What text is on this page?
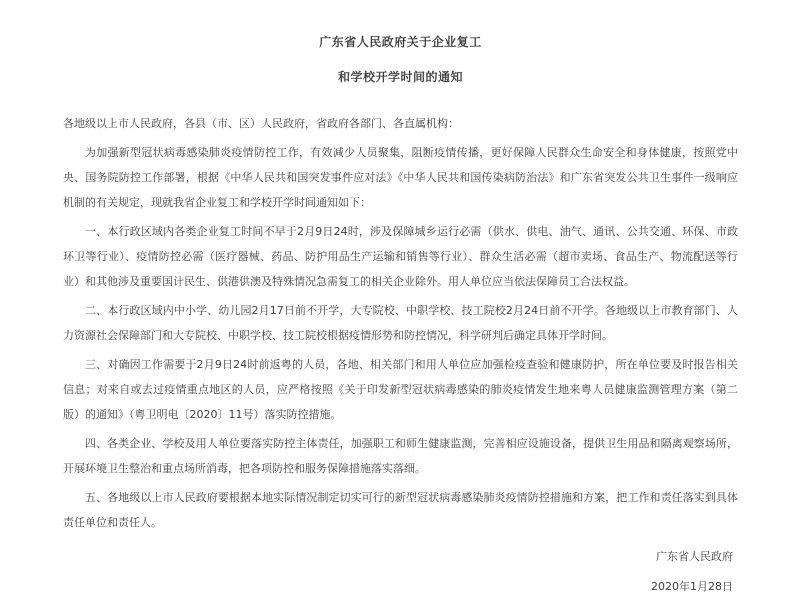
广东省人民政府关于企业复工
和学校开学时间的通知

各地级以上市人民政府，各县（市、区）人民政府，省政府各部门、各直属机构：

为加强新型冠状病毒感染肺炎疫情防控工作，有效减少人员聚集，阻断疫情传播，更好保障人民群众生命安全和身体健康，按照党中央、国务院防控工作部署，根据《中华人民共和国突发事件应对法》《中华人民共和国传染病防治法》和广东省突发公共卫生事件一级响应机制的有关规定，现就我省企业复工和学校开学时间通知如下：

一、本行政区域内各类企业复工时间不早于2月9日24时，涉及保障城乡运行必需（供水、供电、油气、通讯、公共交通、环保、市政环卫等行业）、疫情防控必需（医疗器械、药品、防护用品生产运输和销售等行业）、群众生活必需（超市卖场、食品生产、物流配送等行业）和其他涉及重要国计民生、供港供澳及特殊情况急需复工的相关企业除外。用人单位应当依法保障员工合法权益。

二、本行政区域内中小学、幼儿园2月17日前不开学，大专院校、中职学校、技工院校2月24日前不开学。各地级以上市教育部门、人力资源社会保障部门和大专院校、中职学校、技工院校根据疫情形势和防控情况，科学研判后确定具体开学时间。

三、对确因工作需要于2月9日24时前返粤的人员，各地、相关部门和用人单位应加强检疫查验和健康防护，所在单位要及时报告相关信息；对来自或去过疫情重点地区的人员，应严格按照《关于印发新型冠状病毒感染的肺炎疫情发生地来粤人员健康监测管理方案（第二版）的通知》（粤卫明电〔2020〕11号）落实防控措施。

四、各类企业、学校及用人单位要落实防控主体责任，加强职工和师生健康监测，完善相应设施设备，提供卫生用品和隔离观察场所，开展环境卫生整治和重点场所消毒，把各项防控和服务保障措施落实落细。

五、各地级以上市人民政府要根据本地实际情况制定切实可行的新型冠状病毒感染肺炎疫情防控措施和方案，把工作和责任落实到具体责任单位和责任人。

广东省人民政府

2020年1月28日
